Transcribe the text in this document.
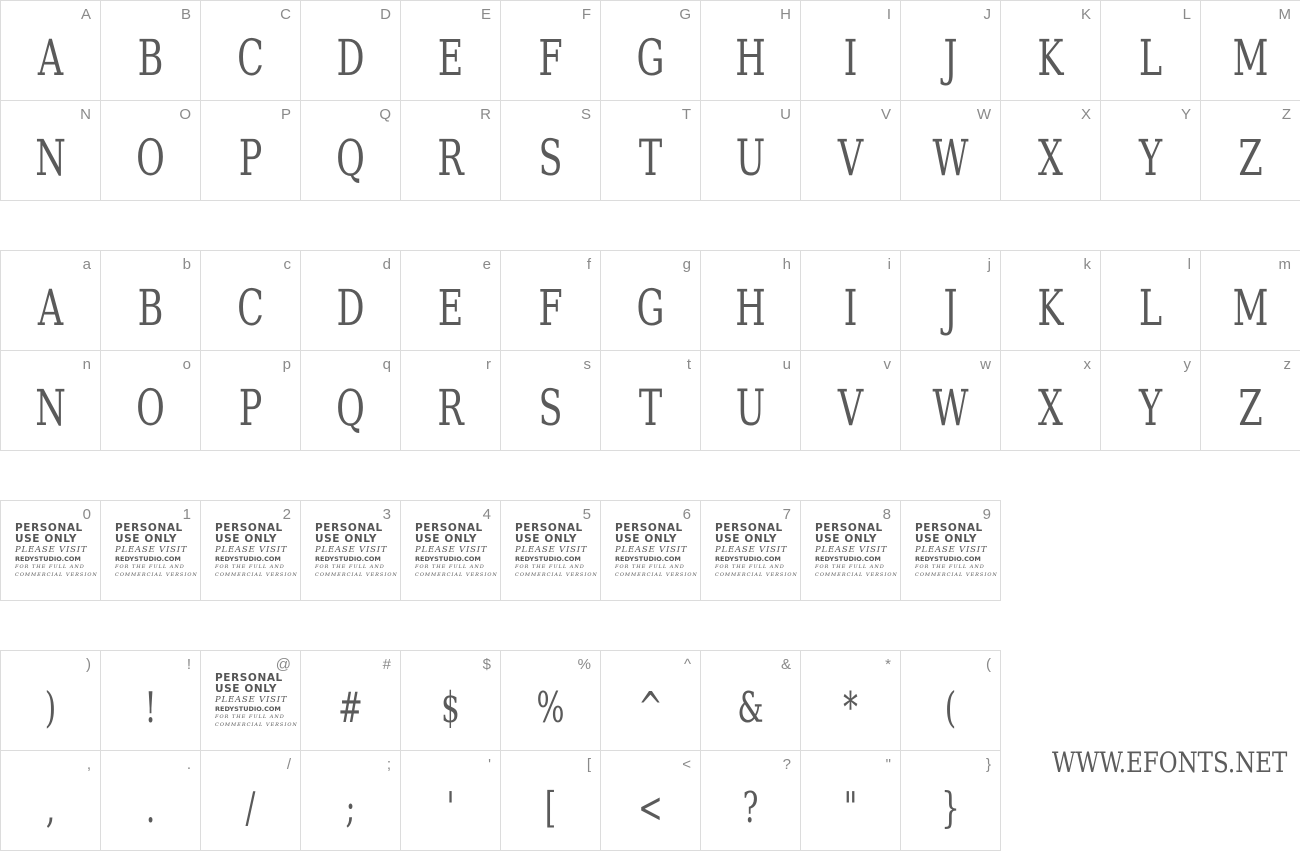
A
A
B
B
C
C
D
D
E
E
F
F
G
G
H
H
I
I
J
J
K
K
L
L
M
M
N
N
O
O
P
P
Q
Q
R
R
S
S
T
T
U
U
V
V
W
W
X
X
Y
Y
Z
Z
a
A
b
B
c
C
d
D
e
E
f
F
g
G
h
H
i
I
j
J
k
K
l
L
m
M
n
N
o
O
p
P
q
Q
r
R
s
S
t
T
u
U
v
V
w
W
x
X
y
Y
z
Z
0
PERSONAL
USE ONLY
PLEASE VISIT
REDYSTUDIO.COM
FOR THE FULL AND
COMMERCIAL VERSION
1
PERSONAL
USE ONLY
PLEASE VISIT
REDYSTUDIO.COM
FOR THE FULL AND
COMMERCIAL VERSION
2
PERSONAL
USE ONLY
PLEASE VISIT
REDYSTUDIO.COM
FOR THE FULL AND
COMMERCIAL VERSION
3
PERSONAL
USE ONLY
PLEASE VISIT
REDYSTUDIO.COM
FOR THE FULL AND
COMMERCIAL VERSION
4
PERSONAL
USE ONLY
PLEASE VISIT
REDYSTUDIO.COM
FOR THE FULL AND
COMMERCIAL VERSION
5
PERSONAL
USE ONLY
PLEASE VISIT
REDYSTUDIO.COM
FOR THE FULL AND
COMMERCIAL VERSION
6
PERSONAL
USE ONLY
PLEASE VISIT
REDYSTUDIO.COM
FOR THE FULL AND
COMMERCIAL VERSION
7
PERSONAL
USE ONLY
PLEASE VISIT
REDYSTUDIO.COM
FOR THE FULL AND
COMMERCIAL VERSION
8
PERSONAL
USE ONLY
PLEASE VISIT
REDYSTUDIO.COM
FOR THE FULL AND
COMMERCIAL VERSION
9
PERSONAL
USE ONLY
PLEASE VISIT
REDYSTUDIO.COM
FOR THE FULL AND
COMMERCIAL VERSION
)
)
!
!
@
PERSONAL
USE ONLY
PLEASE VISIT
REDYSTUDIO.COM
FOR THE FULL AND
COMMERCIAL VERSION
#
#
$
$
%
%
^
^
&
&
*
*
(
(
,
,
.
.
/
/
;
;
'
'
[
[
<
<
?
?
"
"
}
}
WWW.EFONTS.NET
